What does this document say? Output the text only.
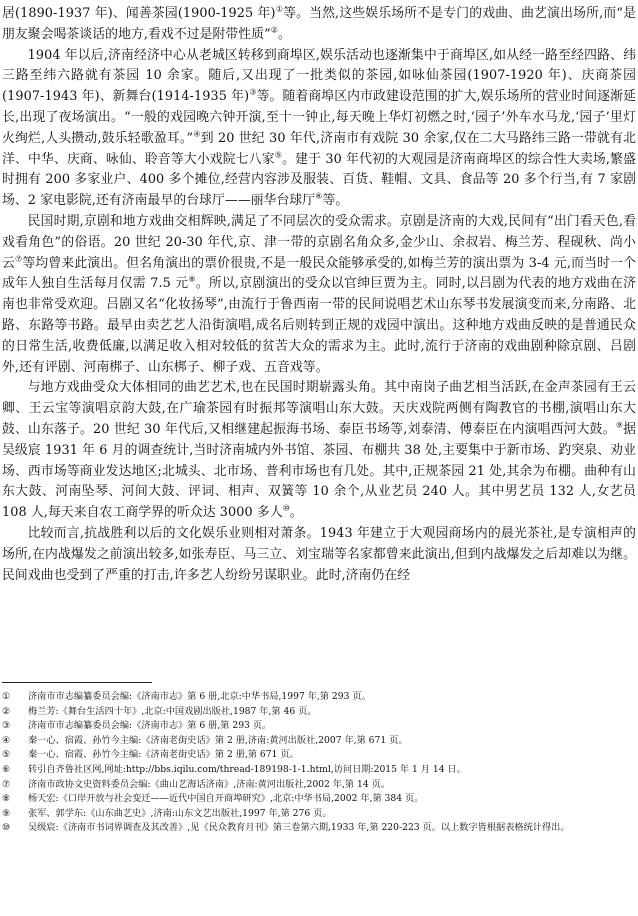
居(1890-1937 年)、闻善茶园(1900-1925 年)①等。当然,这些娱乐场所不是专门的戏曲、曲艺演出场所,而“是朋友聚会喝茶谈话的地方,看戏不过是附带性质”②。

1904 年以后,济南经济中心从老城区转移到商埠区,娱乐活动也逐渐集中于商埠区,如从经一路至经四路、纬三路至纬六路就有茶园 10 余家。随后,又出现了一批类似的茶园,如咏仙茶园(1907-1920 年)、庆商茶园(1907-1943 年)、新舞台(1914-1935 年)③等。随着商埠区内市政建设范围的扩大,娱乐场所的营业时间逐渐延长,出现了夜场演出。“一般的戏园晚六钟开演,至十一钟止,每天晚上华灯初燃之时,‘园子’外车水马龙,‘园子’里灯火绚烂,人头攒动,鼓乐轻歌盈耳。”④到 20 世纪 30 年代,济南市有戏院 30 余家,仅在二大马路纬三路一带就有北洋、中华、庆商、咏仙、聆音等大小戏院七八家⑤。建于 30 年代初的大观园是济南商埠区的综合性大卖场,繁盛时拥有 200 多家业户、400 多个摊位,经营内容涉及服装、百货、鞋帽、文具、食品等 20 多个行当,有 7 家剧场、2 家电影院,还有济南最早的台球厅——丽华台球厅⑥等。

民国时期,京剧和地方戏曲交相辉映,满足了不同层次的受众需求。京剧是济南的大戏,民间有“出门看天色,看戏看角色”的俗语。20 世纪 20-30 年代,京、津一带的京剧名角众多,金少山、余叔岩、梅兰芳、程砚秋、尚小云⑦等均曾来此演出。但名角演出的票价很贵,不是一般民众能够承受的,如梅兰芳的演出票为 3-4 元,而当时一个成年人独自生活每月仅需 7.5 元⑧。所以,京剧演出的受众以官绅巨贾为主。同时,以吕剧为代表的地方戏曲在济南也非常受欢迎。吕剧又名“化妆扬琴”,由流行于鲁西南一带的民间说唱艺术山东琴书发展演变而来,分南路、北路、东路等书路。最早由卖艺艺人沿街演唱,成名后则转到正规的戏园中演出。这种地方戏曲反映的是普通民众的日常生活,收费低廉,以满足收入相对较低的贫苦大众的需求为主。此时,流行于济南的戏曲剧种除京剧、吕剧外,还有评剧、河南梆子、山东梆子、柳子戏、五音戏等。

与地方戏曲受众大体相同的曲艺艺术,也在民国时期崭露头角。其中南岗子曲艺相当活跃,在金声茶园有王云卿、王云宝等演唱京韵大鼓,在广瑜茶园有时振邦等演唱山东大鼓。天庆戏院两侧有陶教官的书棚,演唱山东大鼓、山东落子。20 世纪 30 年代后,又相继建起振海书场、泰臣书场等,刘泰清、傅泰臣在内演唱西河大鼓。⑨据吴级宸 1931 年 6 月的调查统计,当时济南城内外书馆、茶园、布棚共 38 处,主要集中于新市场、趵突泉、劝业场、西市场等商业发达地区;北城头、北市场、普利市场也有几处。其中,正规茶园 21 处,其余为布棚。曲种有山东大鼓、河南坠琴、河间大鼓、评词、相声、双簧等 10 余个,从业艺员 240 人。其中男艺员 132 人,女艺员 108 人,每天来自农工商学界的听众达 3000 多人⑩。

比较而言,抗战胜利以后的文化娱乐业则相对萧条。1943 年建立于大观园商场内的晨光茶社,是专演相声的场所,在内战爆发之前演出较多,如张寿臣、马三立、刘宝瑞等名家都曾来此演出,但到内战爆发之后却难以为继。民间戏曲也受到了严重的打击,许多艺人纷纷另谋职业。此时,济南仍在经

① 济南市市志编纂委员会编:《济南市志》第 6 册,北京:中华书局,1997 年,第 293 页。
② 梅兰芳:《舞台生活四十年》,北京:中国戏剧出版社,1987 年,第 46 页。
③ 济南市市志编纂委员会编:《济南市志》第 6 册,第 293 页。
④ 秦一心、宿霞、孙竹今主编:《济南老街史话》第 2 册,济南:黄河出版社,2007 年,第 671 页。
⑤ 秦一心、宿霞、孙竹今主编:《济南老街史话》第 2 册,第 671 页。
⑥ 转引自齐鲁社区网,网址:http://bbs.iqilu.com/thread-189198-1-1.html,访问日期:2015 年 1 月 14 日。
⑦ 济南市政协文史资料委员会编:《曲山艺海话济南》,济南:黄河出版社,2002 年,第 14 页。
⑧ 杨天宏:《口岸开放与社会变迁——近代中国自开商埠研究》,北京:中华书局,2002 年,第 384 页。
⑨ 张军、郭学东:《山东曲艺史》,济南:山东文艺出版社,1997 年,第 276 页。
⑩ 吴级宸:《济南市书词界调查及其改善》,见《民众教育月刊》第三卷第六期,1933 年,第 220-223 页。以上数字皆根据表格统计得出。
